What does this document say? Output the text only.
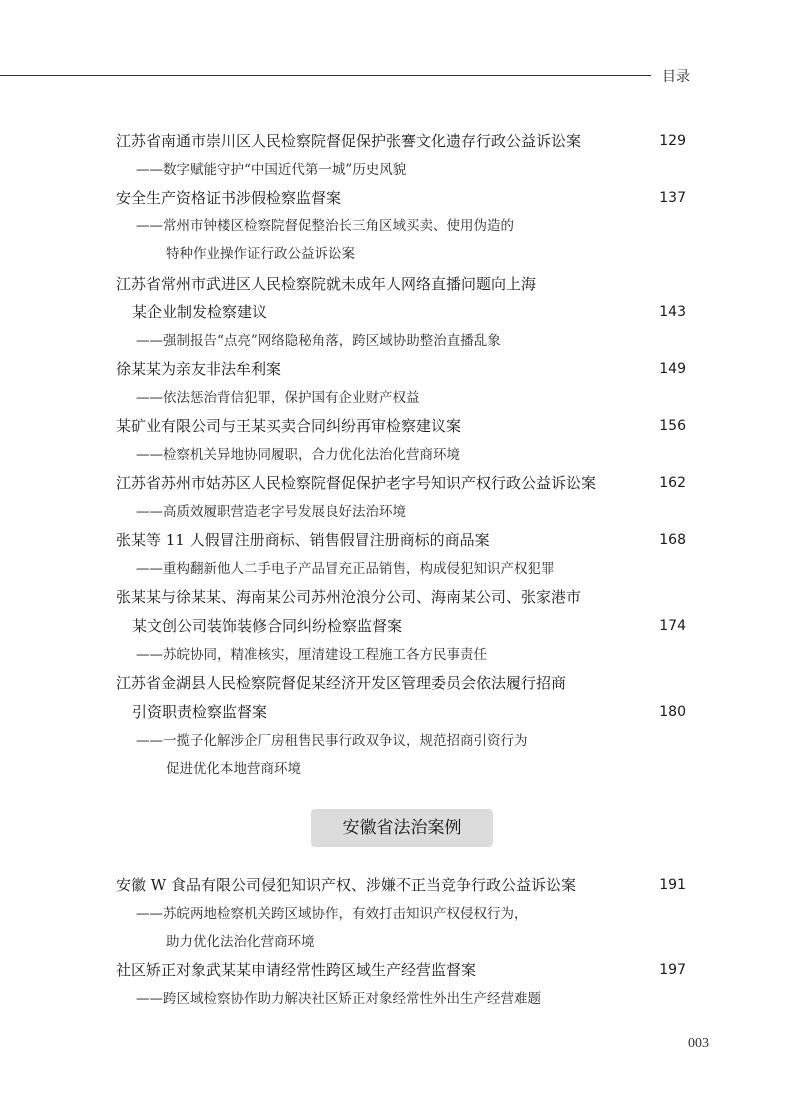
目录
江苏省南通市崇川区人民检察院督促保护张謇文化遗存行政公益诉讼案	129
——数字赋能守护“中国近代第一城”历史风貌
安全生产资格证书涉假检察监督案	137
——常州市钟楼区检察院督促整治长三角区域买卖、使用伪造的
特种作业操作证行政公益诉讼案
江苏省常州市武进区人民检察院就未成年人网络直播问题向上海
某企业制发检察建议	143
——强制报告“点亮”网络隐秘角落，跨区域协助整治直播乱象
徐某某为亲友非法牟利案	149
——依法惩治背信犯罪，保护国有企业财产权益
某矿业有限公司与王某买卖合同纠纷再审检察建议案	156
——检察机关异地协同履职，合力优化法治化营商环境
江苏省苏州市姑苏区人民检察院督促保护老字号知识产权行政公益诉讼案	162
——高质效履职营造老字号发展良好法治环境
张某等 11 人假冒注册商标、销售假冒注册商标的商品案	168
——重构翻新他人二手电子产品冒充正品销售，构成侵犯知识产权犯罪
张某某与徐某某、海南某公司苏州沧浪分公司、海南某公司、张家港市
某文创公司装饰装修合同纠纷检察监督案	174
——苏皖协同，精准核实，厘清建设工程施工各方民事责任
江苏省金湖县人民检察院督促某经济开发区管理委员会依法履行招商
引资职责检察监督案	180
——一揽子化解涉企厂房租售民事行政双争议，规范招商引资行为
促进优化本地营商环境
安徽省法治案例
安徽 W 食品有限公司侵犯知识产权、涉嫌不正当竞争行政公益诉讼案	191
——苏皖两地检察机关跨区域协作，有效打击知识产权侵权行为，
助力优化法治化营商环境
社区矫正对象武某某申请经常性跨区域生产经营监督案	197
——跨区域检察协作助力解决社区矫正对象经常性外出生产经营难题
003
